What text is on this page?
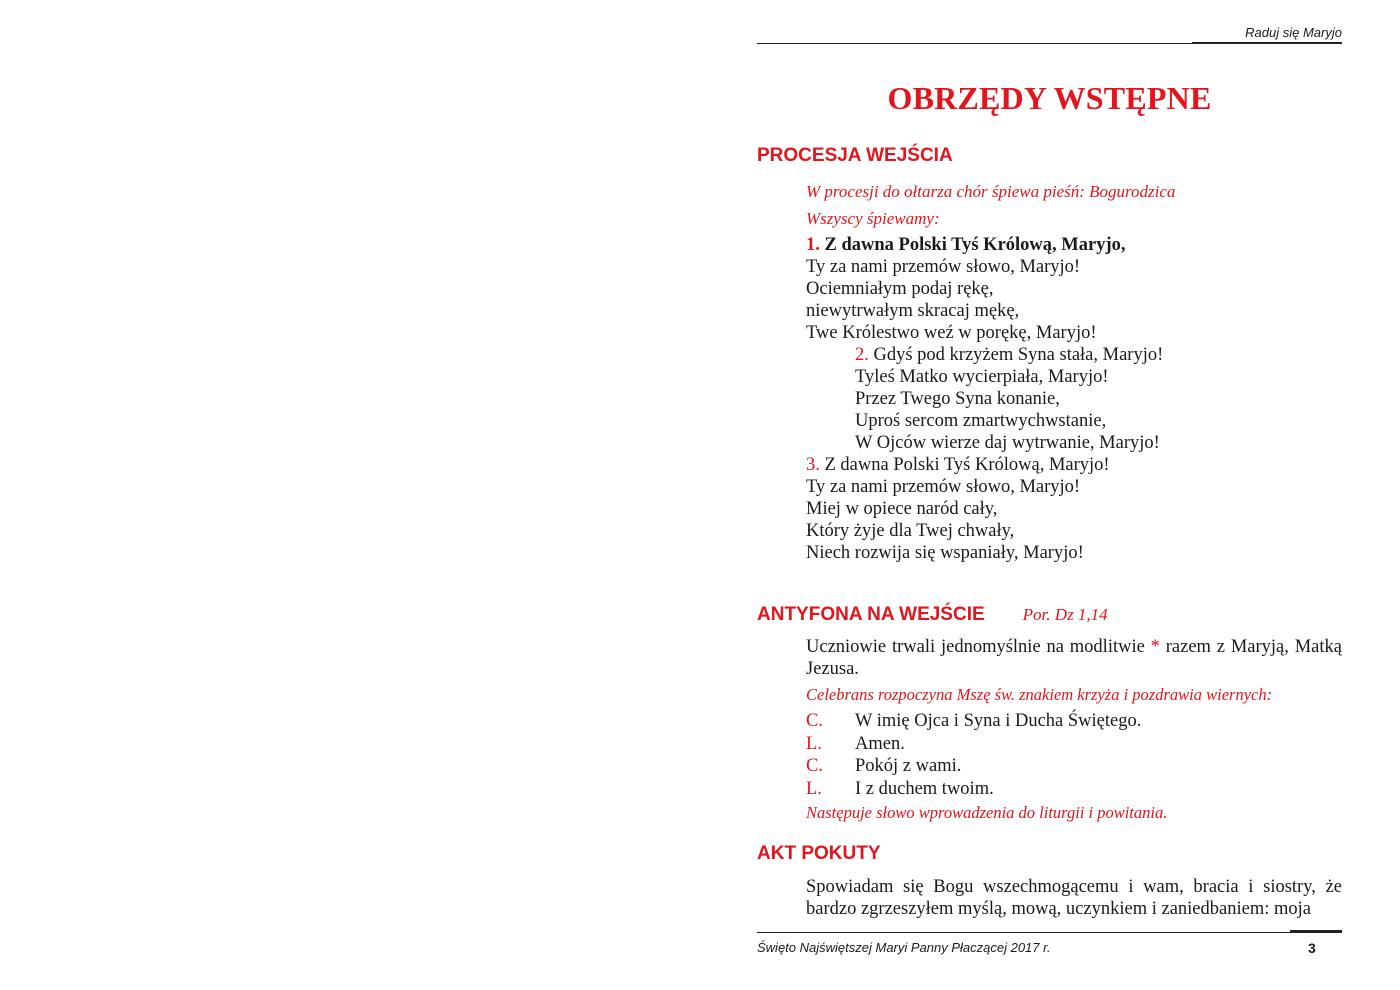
Raduj się Maryjo
OBRZĘDY WSTĘPNE
PROCESJA WEJŚCIA
W procesji do ołtarza chór śpiewa pieśń: Bogurodzica
Wszyscy śpiewamy:
1. Z dawna Polski Tyś Królową, Maryjo,
Ty za nami przemów słowo, Maryjo!
Ociemniałym podaj rękę,
niewytrwałym skracaj mękę,
Twe Królestwo weź w porękę, Maryjo!
2. Gdyś pod krzyżem Syna stała, Maryjo!
Tyleś Matko wycierpiała, Maryjo!
Przez Twego Syna konanie,
Uproś sercom zmartwychwstanie,
W Ojców wierze daj wytrwanie, Maryjo!
3. Z dawna Polski Tyś Królową, Maryjo!
Ty za nami przemów słowo, Maryjo!
Miej w opiece naród cały,
Który żyje dla Twej chwały,
Niech rozwija się wspaniały, Maryjo!
ANTYFONA NA WEJŚCIE Por. Dz 1,14
Uczniowie trwali jednomyślnie na modlitwie * razem z Maryją, Matką Jezusa.
Celebrans rozpoczyna Mszę św. znakiem krzyża i pozdrawia wiernych:
C.	W imię Ojca i Syna i Ducha Świętego.
L.	Amen.
C.	Pokój z wami.
L.	I z duchem twoim.
Następuje słowo wprowadzenia do liturgii i powitania.
AKT POKUTY
Spowiadam się Bogu wszechmogącemu i wam, bracia i siostry, że bardzo zgrzeszyłem myślą, mową, uczynkiem i zaniedbaniem: moja
Święto Najświętszej Maryi Panny Płaczącej 2017 r.	3
